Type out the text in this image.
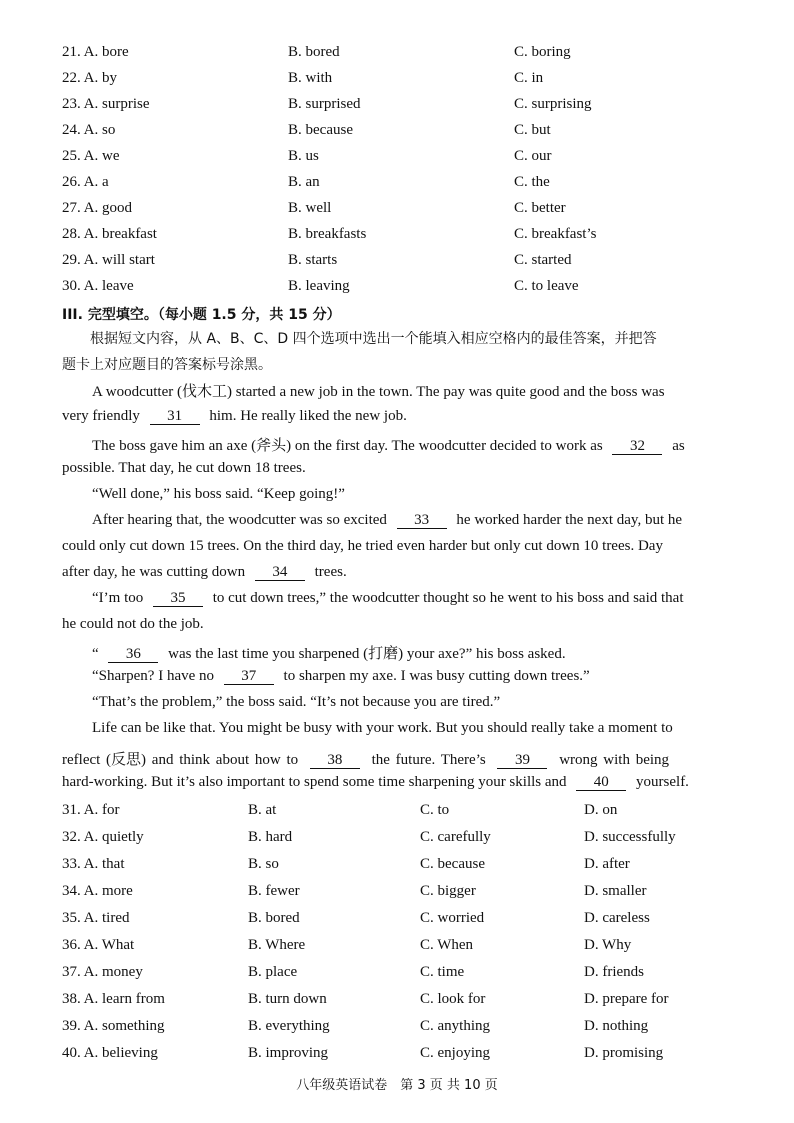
21. A. bore	B. bored	C. boring
22. A. by	B. with	C. in
23. A. surprise	B. surprised	C. surprising
24. A. so	B. because	C. but
25. A. we	B. us	C. our
26. A. a	B. an	C. the
27. A. good	B. well	C. better
28. A. breakfast	B. breakfasts	C. breakfast’s
29. A. will start	B. starts	C. started
30. A. leave	B. leaving	C. to leave
III. 完型填空。（每小题 1.5 分，共 15 分）
根据短文内容，从 A、B、C、D 四个选项中选出一个能填入相应空格内的最佳答案，并把答
题卡上对应题目的答案标号涂黑。
A woodcutter (伐木工) started a new job in the town. The pay was quite good and the boss was
very friendly 31 him. He really liked the new job.
The boss gave him an axe (斧头) on the first day. The woodcutter decided to work as 32 as
possible. That day, he cut down 18 trees.
“Well done,” his boss said. “Keep going!”
After hearing that, the woodcutter was so excited 33 he worked harder the next day, but he
could only cut down 15 trees. On the third day, he tried even harder but only cut down 10 trees. Day
after day, he was cutting down 34 trees.
“I’m too 35 to cut down trees,” the woodcutter thought so he went to his boss and said that
he could not do the job.
“ 36 was the last time you sharpened (打磨) your axe?” his boss asked.
“Sharpen? I have no 37 to sharpen my axe. I was busy cutting down trees.”
“That’s the problem,” the boss said. “It’s not because you are tired.”
Life can be like that. You might be busy with your work. But you should really take a moment to
reflect (反思) and think about how to 38 the future. There’s 39 wrong with being
hard-working. But it’s also important to spend some time sharpening your skills and 40 yourself.
31. A. for	B. at	C. to	D. on
32. A. quietly	B. hard	C. carefully	D. successfully
33. A. that	B. so	C. because	D. after
34. A. more	B. fewer	C. bigger	D. smaller
35. A. tired	B. bored	C. worried	D. careless
36. A. What	B. Where	C. When	D. Why
37. A. money	B. place	C. time	D. friends
38. A. learn from	B. turn down	C. look for	D. prepare for
39. A. something	B. everything	C. anything	D. nothing
40. A. believing	B. improving	C. enjoying	D. promising
八年级英语试卷　第 3 页 共 10 页
